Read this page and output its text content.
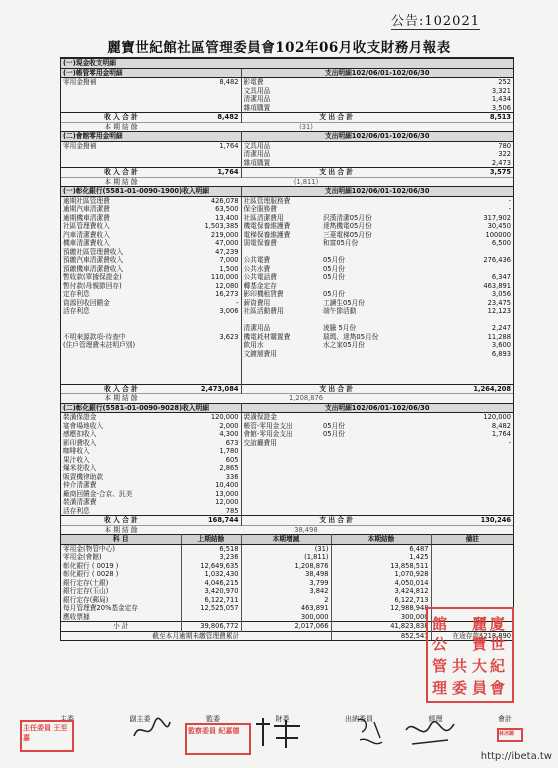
公告:102021
麗寶世紀館社區管理委員會102年06月收支財務月報表
(一)現金收支明細				
(一)帳管零用金明細		支出明細102/06/01-102/06/30		
零用金撥補	8,482	影電費		252
		文具用品		3,321
		清潔用品		1,434
		雜項購置		3,506
收 入 合 計	8,482	支 出 合 計		8,513
本 期 結 餘	(31)			
(二)會館零用金明細		支出明細102/06/01-102/06/30		
零用金撥補	1,764	文具用品		780
		清潔用品		322
		雜項購置		2,473
收 入 合 計	1,764	支 出 合 計		3,575
本 期 結 餘	(1,811)			
(一)彰化銀行(5581-01-0090-1900)收入明細		支出明細102/06/01-102/06/30		
逾期社區管理費	426,078	社區管理服務費		-
逾期汽車清潔費	63,500	保全服務費		-
逾期機車清潔費	13,400	社區清潔費用	沢漢清潔05月份	317,902
社區管理費收入	1,503,385	機電保養維護費	達雋機電05月份	30,450
汽車清潔費收入	219,000	電梯保養維護費	三菱電梯05月份	100000
機車清潔費收入	47,000	弱電保養費	和富05月份	6,500
預繳社區管理費收入	47,239			
預繳汽車清潔費收入	7,000	公共電費	05月份	276,436
預繳機車清潔費收入	1,500	公共水費	05月份	
暫收款(單據保證金)	110,000	公共電話費	05月份	6,347
暫付款(母親節回存)	12,080	轉基金定存		463,891
定存利息	16,273	影印機租賃費	05月份	3,056
資源回收回饋金	-	薪資費用	工讀生05月份	23,475
活存利息	3,006	社區活動費用	端午節活動	12,123

		清潔用品	淩騰 5月份	2,247
不明來源款項-待查中	3,623	機電耗材購置費	瑞瑪、達雋05月份	11,288
(住戶管理費未註明戶別)		飲用水	水之家05月份	3,600
		文鍍層費用		6,893

收 入 合 計	2,473,084	支 出 合 計		1,264,208
本 期 結 餘	1,208,876			
(二)彰化銀行(5581-01-0090-9028)收入明細		支出明細102/06/01-102/06/30		
裝潢保證金	120,000	裝潢保證金		120,000
宴會場地收入	2,000	帳管-零用金支出	05月份	8,482
感應扣收入	4,300	會館-零用金支出	05月份	1,764
影印費收入	673	交誼廳費用		-
咖啡收入	1,780			
果汁收入	605			
爆米花收入	2,865			
販賣機律助款	336			
仲介清潔費	10,400			
廠商回饋金-合京、汎美	13,000			
裝潢清潔費	12,000			
活存利息	785			
收 入 合 計	168,744	支 出 合 計		130,246
本 期 結 餘	38,498			
科 目	上期結餘	本期增減	本期結餘	備註
零用金(物管中心)	6,518	(31)	6,487	
零用金(會館)	3,236	(1,811)	1,425	
彰化銀行 ( 0019 )	12,649,635	1,208,876	13,858,511	
彰化銀行 ( 0028 )	1,032,430	38,498	1,070,928	
銀行定存(土銀)	4,046,215	3,799	4,050,014	
銀行定存(玉山)	3,420,970	3,842	3,424,812	
銀行定存(郵局)	6,122,711	2	6,122,713	
每月管理費20%基金定存	12,525,057	463,891	12,988,948	
應收票據		300,000	300,000	
小 計	39,806,772	2,017,066	41,823,838	
截至本月逾期未繳管理費累計			852,541	在途存款$218,890
館 麗
公 寶
管 共
世
理
大 紀
委
廈
員 會
主委	副主委	監委	財委	出納委員	經理	會計
主任委員 王至嘉
監察委員 紀嘉德	林冰錦
http://ibeta.tw
